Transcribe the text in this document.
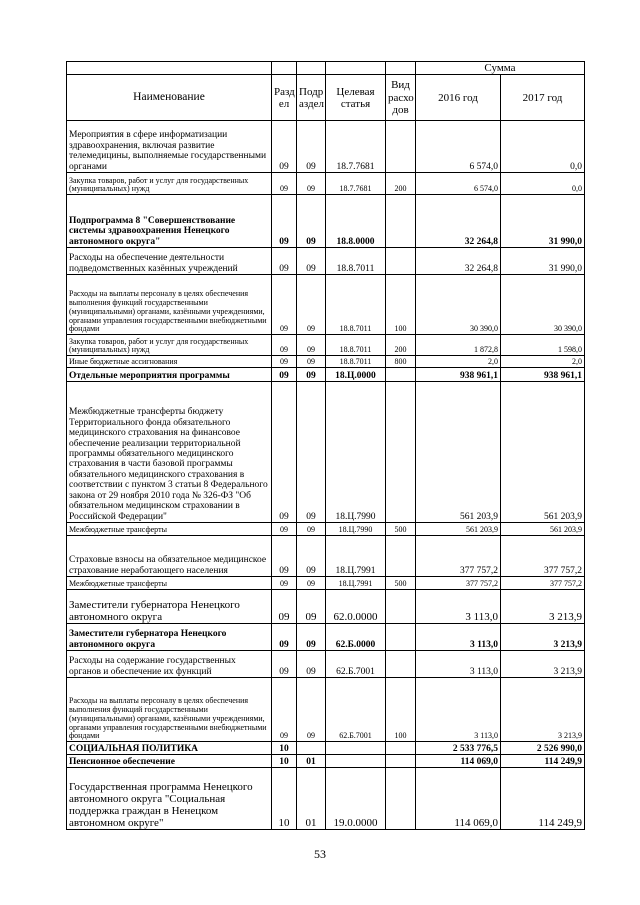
					Сумма	
Наименование	Разд ел	Подр аздел	Целевая статья	Вид расхо дов	2016 год	2017 год
Мероприятия в сфере информатизации здравоохранения, включая развитие телемедицины, выполняемые государственными органами	09	09	18.7.7681		6 574,0	0,0
Закупка товаров, работ и услуг для государственных (муниципальных) нужд	09	09	18.7.7681	200	6 574,0	0,0
Подпрограмма 8 "Совершенствование системы здравоохранения Ненецкого автономного округа"	09	09	18.8.0000		32 264,8	31 990,0
Расходы на обеспечение деятельности подведомственных казённых учреждений	09	09	18.8.7011		32 264,8	31 990,0
Расходы на выплаты персоналу в целях обеспечения выполнения функций государственными (муниципальными) органами, казёнными учреждениями, органами управления государственными внебюджетными фондами	09	09	18.8.7011	100	30 390,0	30 390,0
Закупка товаров, работ и услуг для государственных (муниципальных) нужд	09	09	18.8.7011	200	1 872,8	1 598,0
Иные бюджетные ассигнования	09	09	18.8.7011	800	2,0	2,0
Отдельные мероприятия программы	09	09	18.Ц.0000		938 961,1	938 961,1
Межбюджетные трансферты бюджету Территориального фонда обязательного медицинского страхования на финансовое обеспечение реализации территориальной программы обязательного медицинского страхования в части базовой программы обязательного медицинского страхования в соответствии с пунктом 3 статьи 8 Федерального закона от 29 ноября 2010 года № 326-ФЗ "Об обязательном медицинском страховании в Российской Федерации"	09	09	18.Ц.7990		561 203,9	561 203,9
Межбюджетные трансферты	09	09	18.Ц.7990	500	561 203,9	561 203,9
Страховые взносы на обязательное медицинское страхование неработающего населения	09	09	18.Ц.7991		377 757,2	377 757,2
Межбюджетные трансферты	09	09	18.Ц.7991	500	377 757,2	377 757,2
Заместители губернатора Ненецкого автономного округа	09	09	62.0.0000		3 113,0	3 213,9
Заместители губернатора Ненецкого автономного округа	09	09	62.Б.0000		3 113,0	3 213,9
Расходы на содержание государственных органов и обеспечение их функций	09	09	62.Б.7001		3 113,0	3 213,9
Расходы на выплаты персоналу в целях обеспечения выполнения функций государственными (муниципальными) органами, казёнными учреждениями, органами управления государственными внебюджетными фондами	09	09	62.Б.7001	100	3 113,0	3 213,9
СОЦИАЛЬНАЯ ПОЛИТИКА	10				2 533 776,5	2 526 990,0
Пенсионное обеспечение	10	01			114 069,0	114 249,9
Государственная программа Ненецкого автономного округа "Социальная поддержка граждан в Ненецком автономном округе"	10	01	19.0.0000		114 069,0	114 249,9
53
